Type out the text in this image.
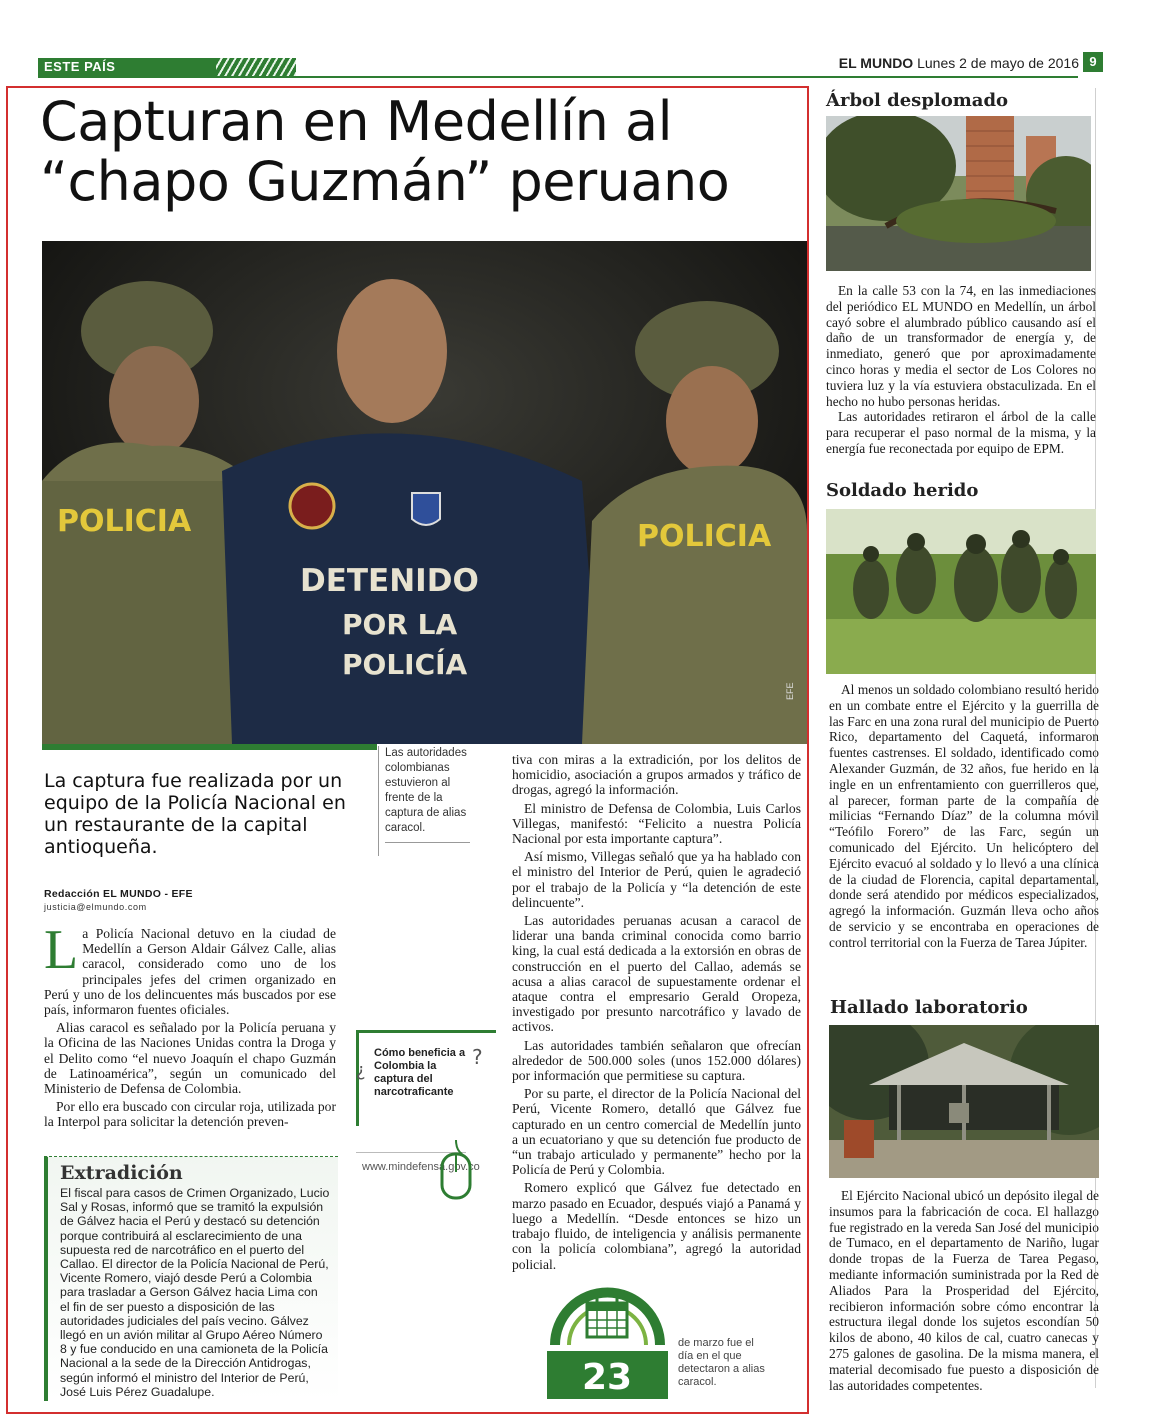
ESTE PAÍS	EL MUNDO Lunes 2 de mayo de 2016 9
Capturan en Medellín al
“chapo Guzmán” peruano
POLICIA
DETENIDO
POR LA
POLICÍA
POLICIA
EFE
La captura fue realizada por un equipo de la Policía Nacional en un restaurante de la capital antioqueña.
Las autoridades colombianas estuvieron al frente de la captura de alias caracol.
Redacción EL MUNDO - EFE
justicia@elmundo.com

La Policía Nacional detuvo en la ciudad de Medellín a Gerson Aldair Gálvez Calle, alias caracol, considerado como uno de los principales jefes del crimen organizado en Perú y uno de los delincuentes más buscados por ese país, informaron fuentes oficiales.

Alias caracol es señalado por la Policía peruana y la Oficina de las Naciones Unidas contra la Droga y el Delito como “el nuevo Joaquín el chapo Guzmán de Latinoamérica”, según un comunicado del Ministerio de Defensa de Colombia.

Por ello era buscado con circular roja, utilizada por la Interpol para solicitar la detención preven-

Extradición
El fiscal para casos de Crimen Organizado, Lucio Sal y Rosas, informó que se tramitó la expulsión de Gálvez hacia el Perú y destacó su detención porque contribuirá al esclarecimiento de una supuesta red de narcotráfico en el puerto del Callao. El director de la Policía Nacional de Perú, Vicente Romero, viajó desde Perú a Colombia para trasladar a Gerson Gálvez hacia Lima con el fin de ser puesto a disposición de las autoridades judiciales del país vecino. Gálvez llegó en un avión militar al Grupo Aéreo Número 8 y fue conducido en una camioneta de la Policía Nacional a la sede de la Dirección Antidrogas, según informó el ministro del Interior de Perú, José Luis Pérez Guadalupe.
¿
?
Cómo beneficia a Colombia la captura del narcotraficante
www.mindefensa.gov.co

tiva con miras a la extradición, por los delitos de homicidio, asociación a grupos armados y tráfico de drogas, agregó la información.

El ministro de Defensa de Colombia, Luis Carlos Villegas, manifestó: “Felicito a nuestra Policía Nacional por esta importante captura”.

Así mismo, Villegas señaló que ya ha hablado con el ministro del Interior de Perú, quien le agradeció por el trabajo de la Policía y “la detención de este delincuente”.

Las autoridades peruanas acusan a caracol de liderar una banda criminal conocida como barrio king, la cual está dedicada a la extorsión en obras de construcción en el puerto del Callao, además se acusa a alias caracol de supuestamente ordenar el ataque contra el empresario Gerald Oropeza, investigado por presunto narcotráfico y lavado de activos.

Las autoridades también señalaron que ofrecían alrededor de 500.000 soles (unos 152.000 dólares) por información que permitiese su captura.

Por su parte, el director de la Policía Nacional del Perú, Vicente Romero, detalló que Gálvez fue capturado en un centro comercial de Medellín junto a un ecuatoriano y que su detención fue producto de “un trabajo articulado y permanente” hecho por la Policía de Perú y Colombia.

Romero explicó que Gálvez fue detectado en marzo pasado en Ecuador, después viajó a Panamá y luego a Medellín. “Desde entonces se hizo un trabajo fluido, de inteligencia y análisis permanente con la policía colombiana”, agregó la autoridad policial.

23
de marzo fue el día en el que detectaron a alias caracol.
Árbol desplomado

En la calle 53 con la 74, en las inmediaciones del periódico EL MUNDO en Medellín, un árbol cayó sobre el alumbrado público causando así el daño de un transformador de energía y, de inmediato, generó que por aproximadamente cinco horas y media el sector de Los Colores no tuviera luz y la vía estuviera obstaculizada. En el hecho no hubo personas heridas.

Las autoridades retiraron el árbol de la calle para recuperar el paso normal de la misma, y la energía fue reconectada por equipo de EPM.

Soldado herido

Al menos un soldado colombiano resultó herido en un combate entre el Ejército y la guerrilla de las Farc en una zona rural del municipio de Puerto Rico, departamento del Caquetá, informaron fuentes castrenses. El soldado, identificado como Alexander Guzmán, de 32 años, fue herido en la ingle en un enfrentamiento con guerrilleros que, al parecer, forman parte de la compañía de milicias “Fernando Díaz” de la columna móvil “Teófilo Forero” de las Farc, según un comunicado del Ejército. Un helicóptero del Ejército evacuó al soldado y lo llevó a una clínica de la ciudad de Florencia, capital departamental, donde será atendido por médicos especializados, agregó la información. Guzmán lleva ocho años de servicio y se encontraba en operaciones de control territorial con la Fuerza de Tarea Júpiter.

Hallado laboratorio

El Ejército Nacional ubicó un depósito ilegal de insumos para la fabricación de coca. El hallazgo fue registrado en la vereda San José del municipio de Tumaco, en el departamento de Nariño, lugar donde tropas de la Fuerza de Tarea Pegaso, mediante información suministrada por la Red de Aliados Para la Prosperidad del Ejército, recibieron información sobre cómo encontrar la estructura ilegal donde los sujetos escondían 50 kilos de abono, 40 kilos de cal, cuatro canecas y 275 galones de gasolina. De la misma manera, el material decomisado fue puesto a disposición de las autoridades competentes.
